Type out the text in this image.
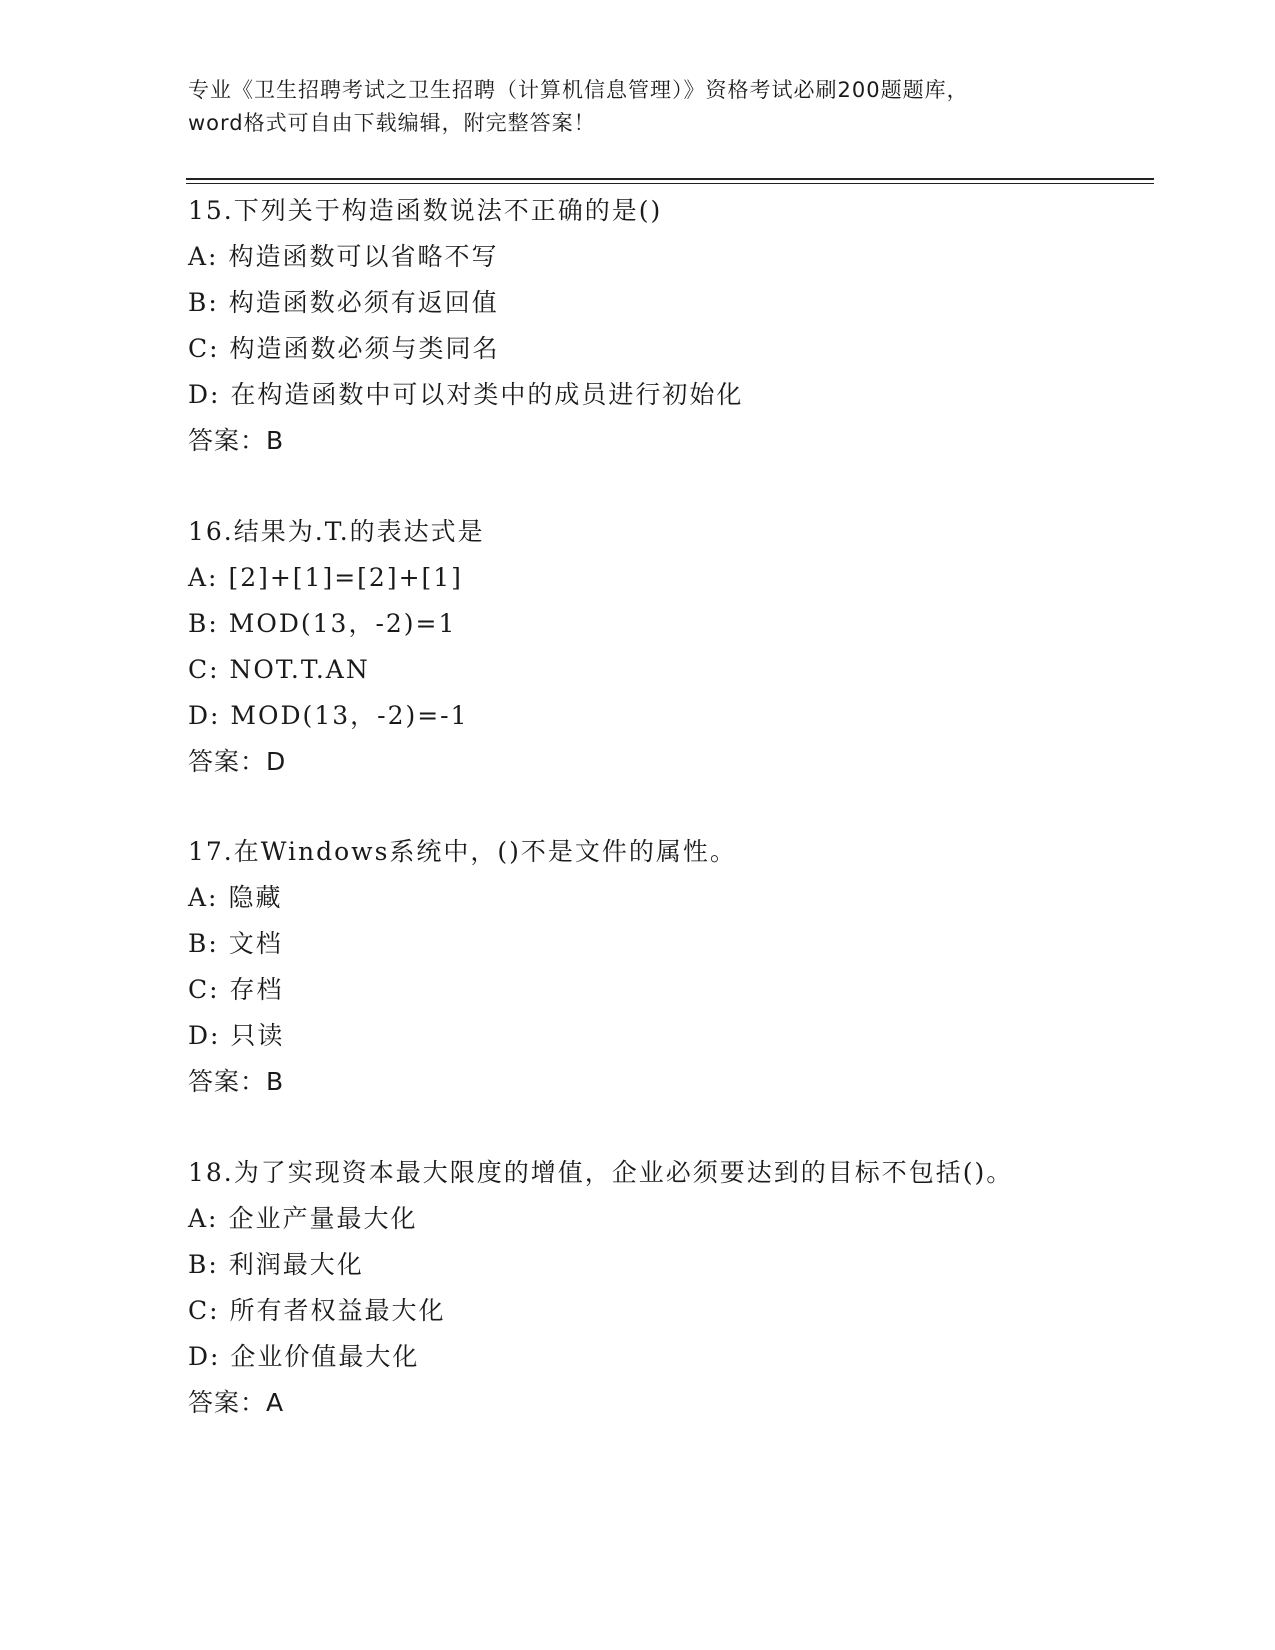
专业《卫生招聘考试之卫生招聘（计算机信息管理）》资格考试必刷200题题库，
word格式可自由下载编辑，附完整答案！
15.下列关于构造函数说法不正确的是()
A: 构造函数可以省略不写
B: 构造函数必须有返回值
C: 构造函数必须与类同名
D: 在构造函数中可以对类中的成员进行初始化
答案：B
16.结果为.T.的表达式是
A: [2]+[1]=[2]+[1]
B: MOD(13，-2)=1
C: NOT.T.AN
D: MOD(13，-2)=-1
答案：D
17.在Windows系统中，()不是文件的属性。
A: 隐藏
B: 文档
C: 存档
D: 只读
答案：B
18.为了实现资本最大限度的增值，企业必须要达到的目标不包括()。
A: 企业产量最大化
B: 利润最大化
C: 所有者权益最大化
D: 企业价值最大化
答案：A
